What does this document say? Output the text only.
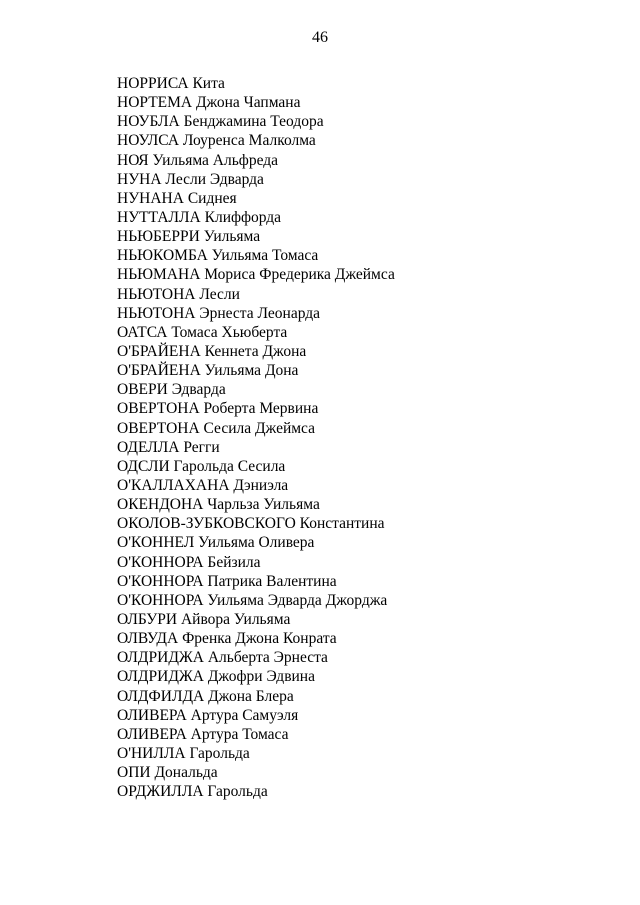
46
НОРРИСА Кита
НОРТЕМА Джона Чапмана
НОУБЛА Бенджамина Теодора
НОУЛСА Лоуренса Малколма
НОЯ Уильяма Альфреда
НУНА Лесли Эдварда
НУНАНА Сиднея
НУТТАЛЛА Клиффорда
НЬЮБЕРРИ Уильяма
НЬЮКОМБА Уильяма Томаса
НЬЮМАНА Мориса Фредерика Джеймса
НЬЮТОНА Лесли
НЬЮТОНА Эрнеста Леонарда
ОАТСА Томаса Хьюберта
О'БРАЙЕНА Кеннета Джона
О'БРАЙЕНА Уильяма Дона
ОВЕРИ Эдварда
ОВЕРТОНА Роберта Мервина
ОВЕРТОНА Сесила Джеймса
ОДЕЛЛА Регги
ОДСЛИ Гарольда Сесила
О'КАЛЛАХАНА Дэниэла
ОКЕНДОНА Чарльза Уильяма
ОКОЛОВ-ЗУБКОВСКОГО Константина
О'КОННЕЛ Уильяма Оливера
О'КОННОРА Бейзила
О'КОННОРА Патрика Валентина
О'КОННОРА Уильяма Эдварда Джорджа
ОЛБУРИ Айвора Уильяма
ОЛВУДА Френка Джона Конрата
ОЛДРИДЖА Альберта Эрнеста
ОЛДРИДЖА Джофри Эдвина
ОЛДФИЛДА Джона Блера
ОЛИВЕРА Артура Самуэля
ОЛИВЕРА Артура Томаса
О'НИЛЛА Гарольда
ОПИ Дональда
ОРДЖИЛЛА Гарольда
